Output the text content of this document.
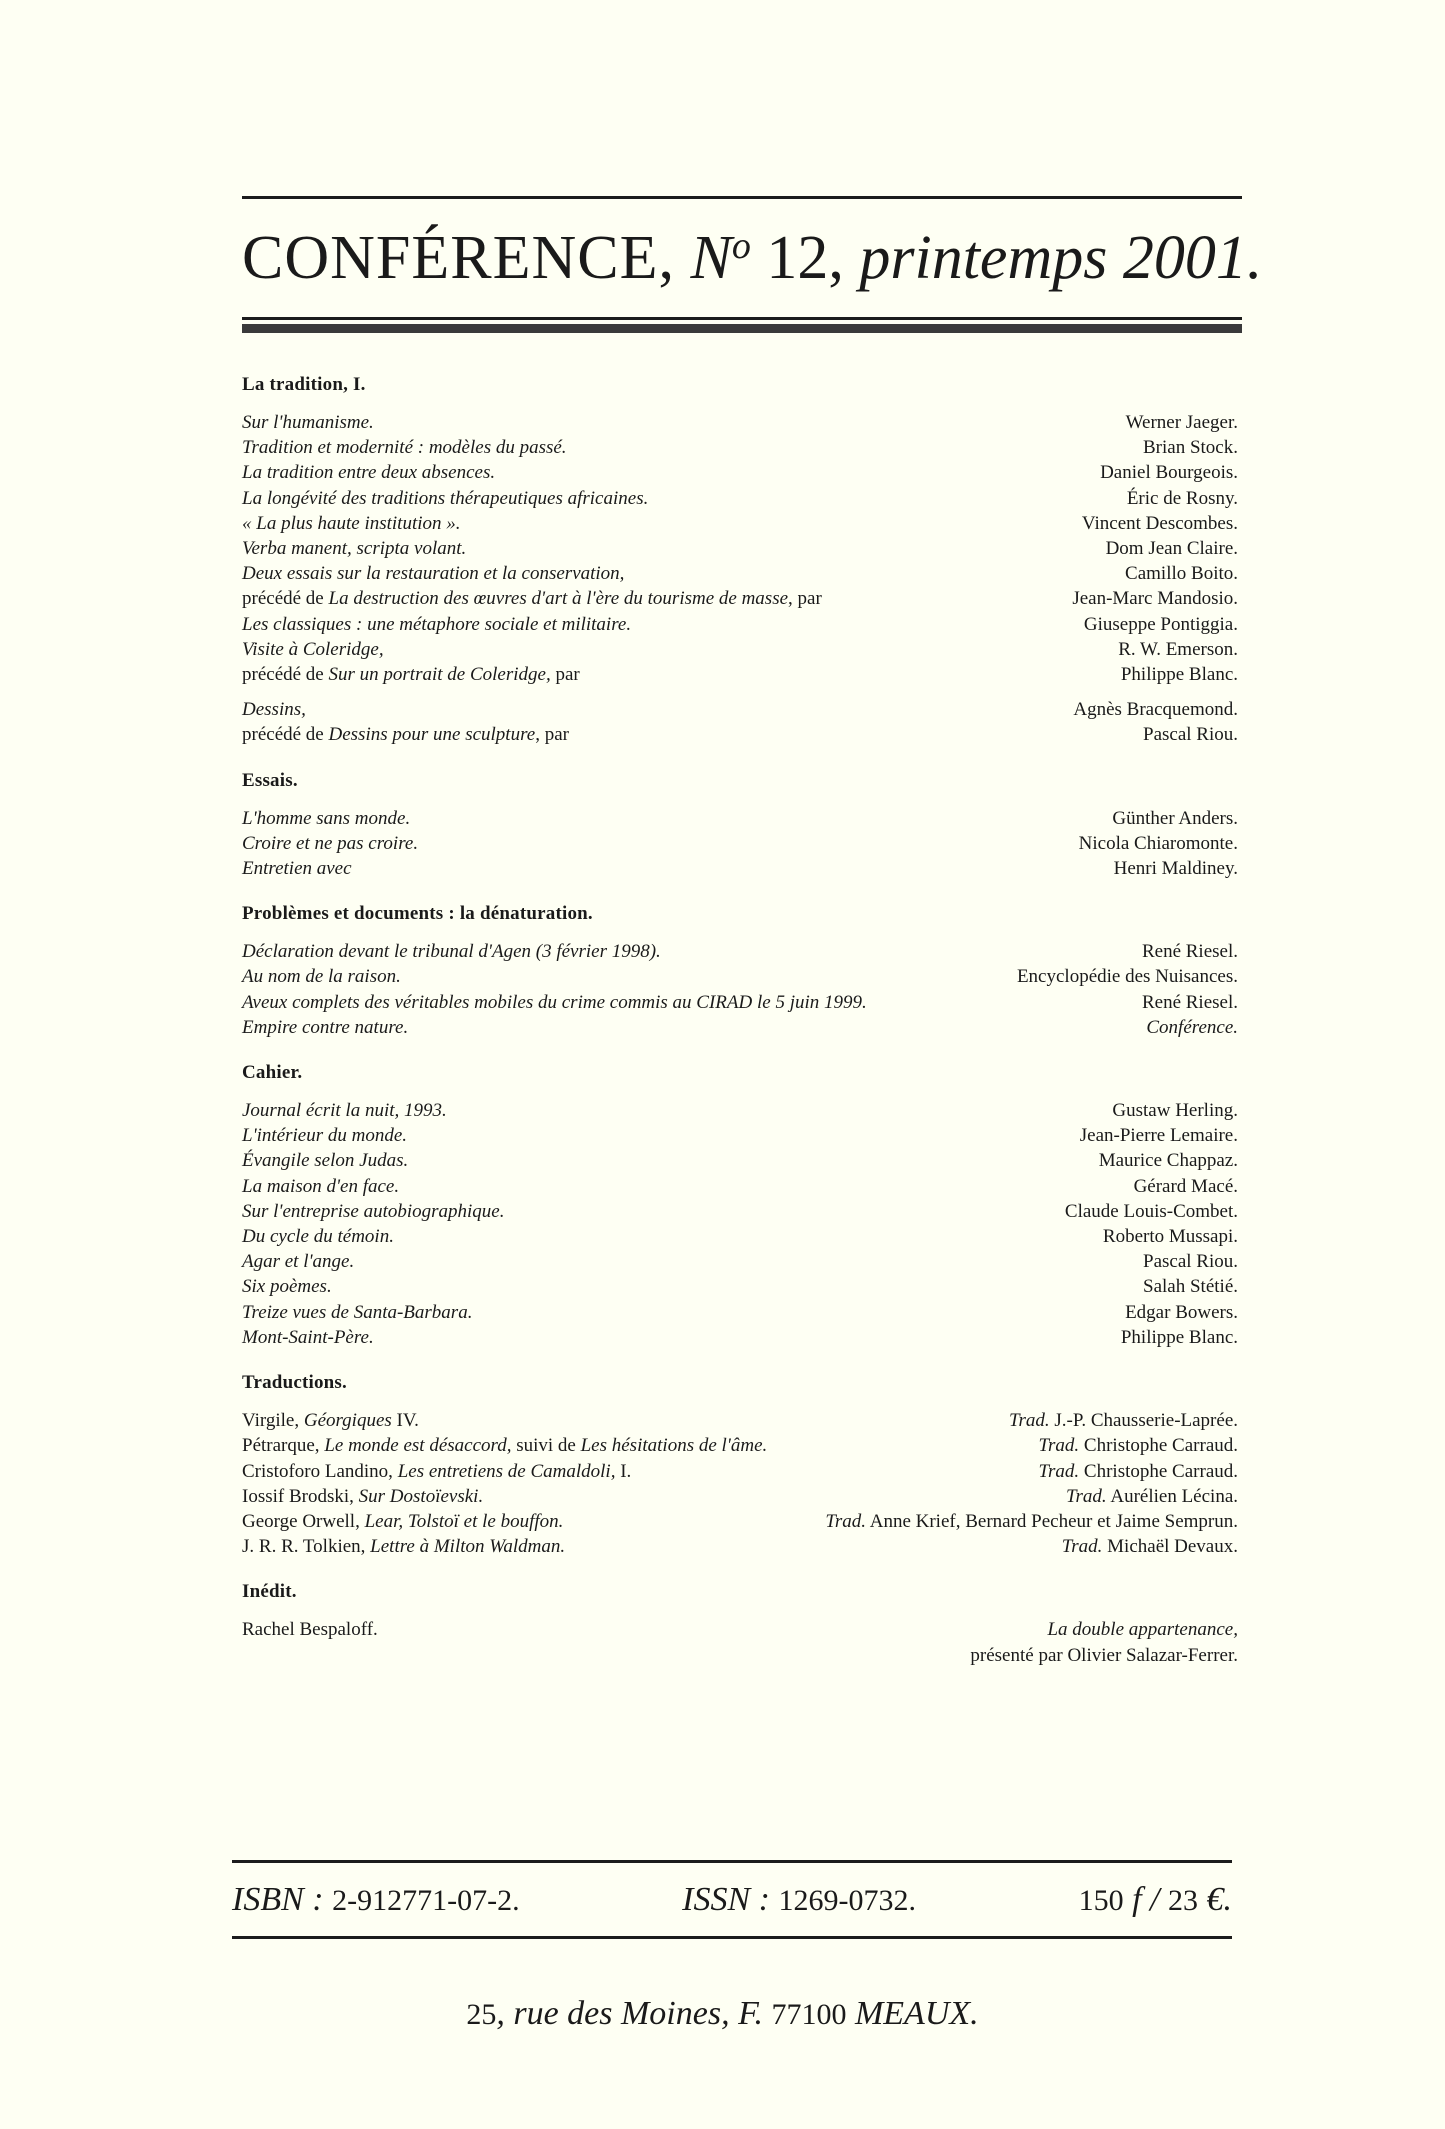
CONFÉRENCE, $N^o$ 12, printemps 2001.
La tradition, I.
Sur l'humanisme.	Werner Jaeger.
Tradition et modernité : modèles du passé.	Brian Stock.
La tradition entre deux absences.	Daniel Bourgeois.
La longévité des traditions thérapeutiques africaines.	Éric de Rosny.
« La plus haute institution ».	Vincent Descombes.
Verba manent, scripta volant.	Dom Jean Claire.
Deux essais sur la restauration et la conservation,	Camillo Boito.
précédé de La destruction des œuvres d'art à l'ère du tourisme de masse, par	Jean-Marc Mandosio.
Les classiques : une métaphore sociale et militaire.	Giuseppe Pontiggia.
Visite à Coleridge,	R. W. Emerson.
précédé de Sur un portrait de Coleridge, par	Philippe Blanc.
Dessins,	Agnès Bracquemond.
précédé de Dessins pour une sculpture, par	Pascal Riou.
Essais.
L'homme sans monde.	Günther Anders.
Croire et ne pas croire.	Nicola Chiaromonte.
Entretien avec	Henri Maldiney.
Problèmes et documents : la dénaturation.
Déclaration devant le tribunal d'Agen (3 février 1998).	René Riesel.
Au nom de la raison.	Encyclopédie des Nuisances.
Aveux complets des véritables mobiles du crime commis au CIRAD le 5 juin 1999.	René Riesel.
Empire contre nature.	Conférence.
Cahier.
Journal écrit la nuit, 1993.	Gustaw Herling.
L'intérieur du monde.	Jean-Pierre Lemaire.
Évangile selon Judas.	Maurice Chappaz.
La maison d'en face.	Gérard Macé.
Sur l'entreprise autobiographique.	Claude Louis-Combet.
Du cycle du témoin.	Roberto Mussapi.
Agar et l'ange.	Pascal Riou.
Six poèmes.	Salah Stétié.
Treize vues de Santa-Barbara.	Edgar Bowers.
Mont-Saint-Père.	Philippe Blanc.
Traductions.
Virgile, Géorgiques IV.	Trad. J.-P. Chausserie-Laprée.
Pétrarque, Le monde est désaccord, suivi de Les hésitations de l'âme.	Trad. Christophe Carraud.
Cristoforo Landino, Les entretiens de Camaldoli, I.	Trad. Christophe Carraud.
Iossif Brodski, Sur Dostoïevski.	Trad. Aurélien Lécina.
George Orwell, Lear, Tolstoï et le bouffon.	Trad. Anne Krief, Bernard Pecheur et Jaime Semprun.
J. R. R. Tolkien, Lettre à Milton Waldman.	Trad. Michaël Devaux.
Inédit.
Rachel Bespaloff.	La double appartenance,
présenté par Olivier Salazar-Ferrer.
ISBN : 2-912771-07-2.	ISSN : 1269-0732.	150 f / 23 €.
25, rue des Moines, F. 77100 MEAUX.
